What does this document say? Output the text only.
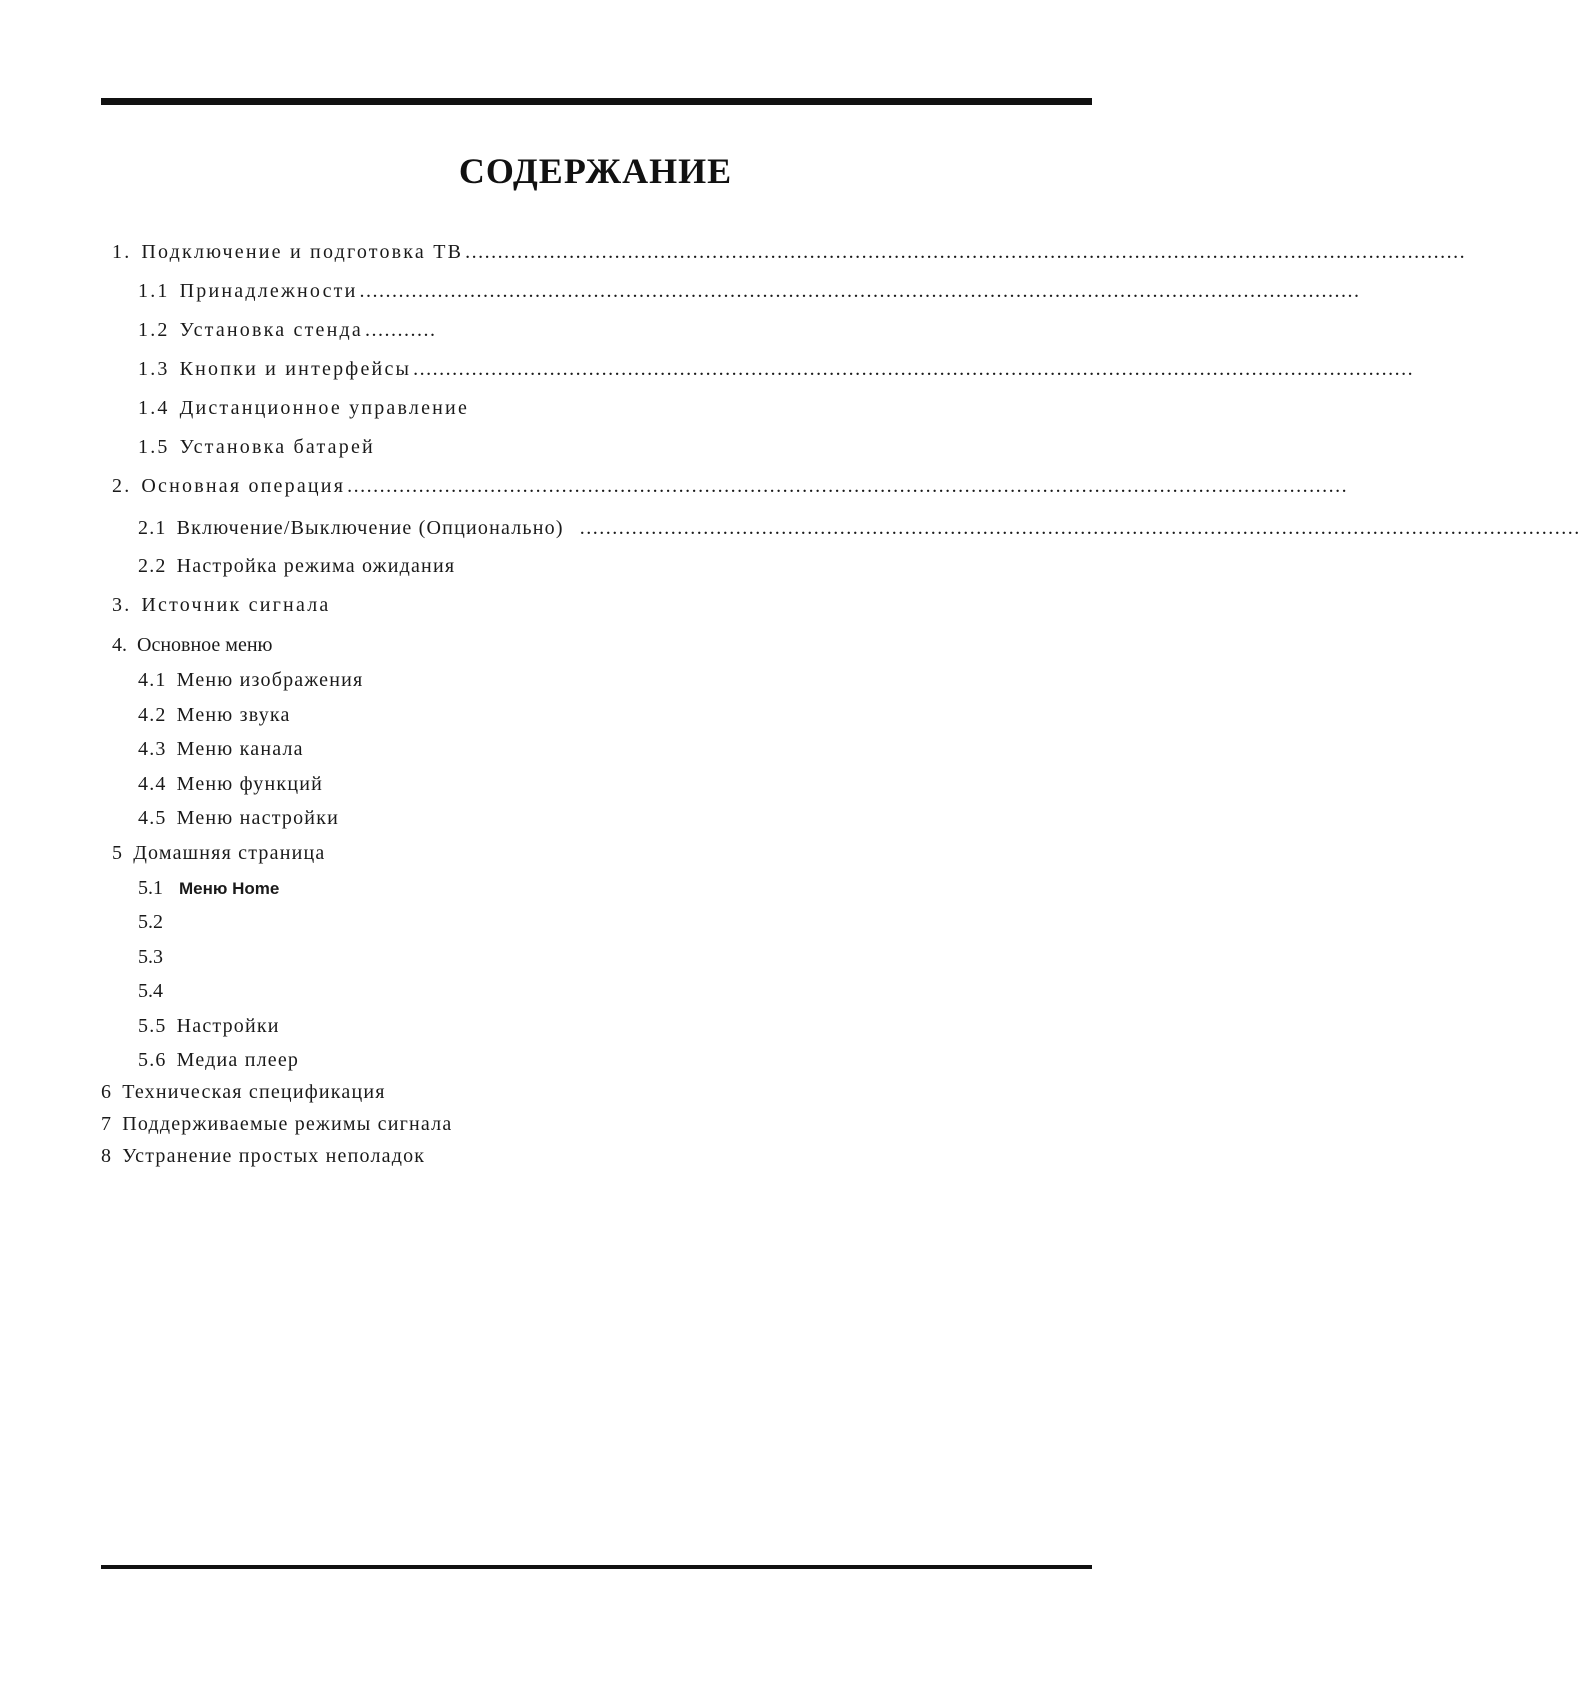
СОДЕРЖАНИЕ
1. Подключение и подготовка ТВ ..........................................................................................................................................................
1.1 Принадлежности ..........................................................................................................................................................
1.2 Установка стенда ...........
1.3 Кнопки и интерфейсы ..........................................................................................................................................................
1.4 Дистанционное управление
1.5 Установка батарей
2. Основная операция ..........................................................................................................................................................
2.1 Включение/Выключение (Опционально) ..........................................................................................................................................................
2.2 Настройка режима ожидания
3. Источник сигнала
4. Основное меню
4.1 Меню изображения
4.2 Меню звука
4.3 Меню канала
4.4 Меню функций
4.5 Меню настройки
5 Домашняя страница
5.1 Меню Home
5.2
5.3
5.4
5.5 Настройки
5.6 Медиа плеер
6 Техническая спецификация
7 Поддерживаемые режимы сигнала
8 Устранение простых неполадок
